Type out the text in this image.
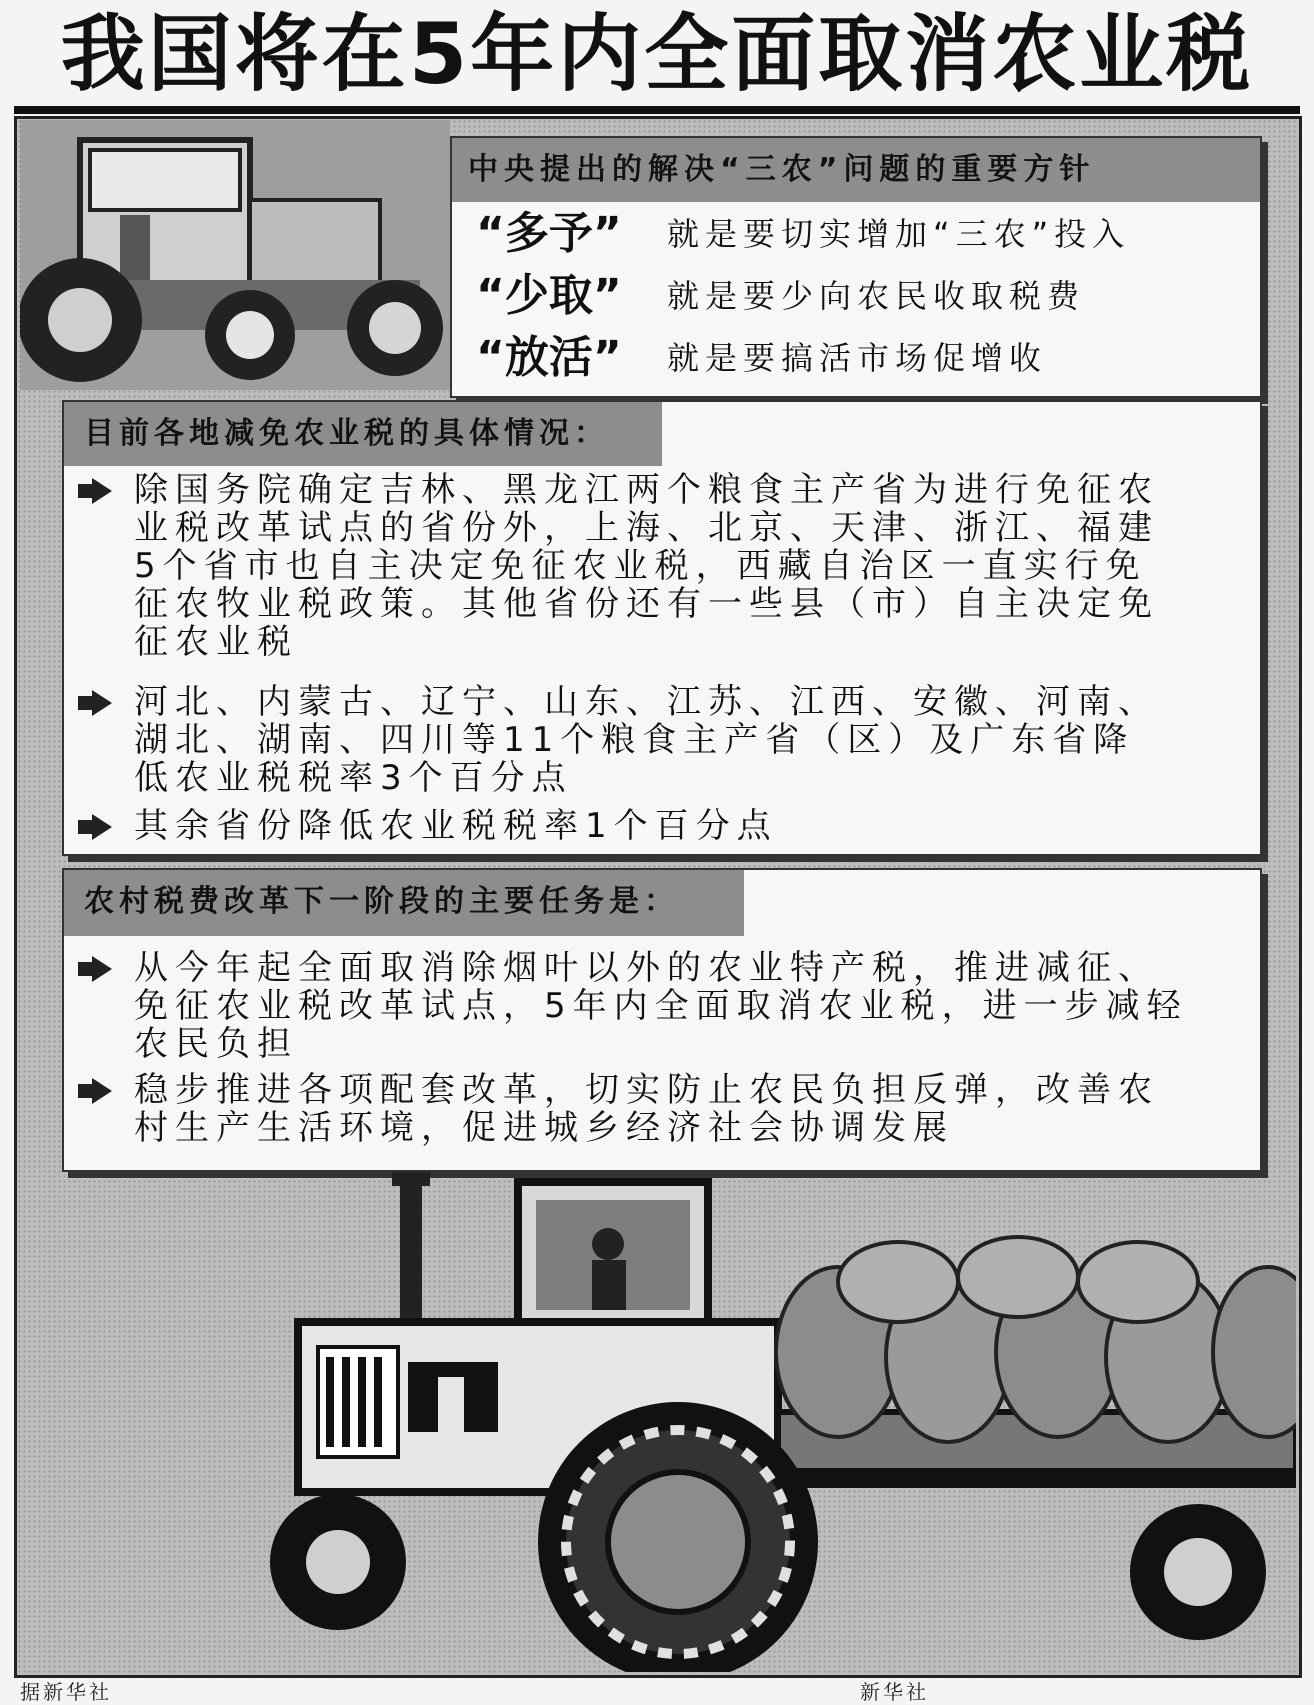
我国将在5年内全面取消农业税
中央提出的解决“三农”问题的重要方针
“多予” 就是要切实增加“三农”投入
“少取” 就是要少向农民收取税费
“放活” 就是要搞活市场促增收
目前各地减免农业税的具体情况：
除国务院确定吉林、黑龙江两个粮食主产省为进行免征农
业税改革试点的省份外，上海、北京、天津、浙江、福建
5个省市也自主决定免征农业税，西藏自治区一直实行免
征农牧业税政策。其他省份还有一些县（市）自主决定免
征农业税
河北、内蒙古、辽宁、山东、江苏、江西、安徽、河南、
湖北、湖南、四川等11个粮食主产省（区）及广东省降
低农业税税率3个百分点
其余省份降低农业税税率1个百分点
农村税费改革下一阶段的主要任务是：
从今年起全面取消除烟叶以外的农业特产税，推进减征、
免征农业税改革试点，5年内全面取消农业税，进一步减轻
农民负担
稳步推进各项配套改革，切实防止农民负担反弹，改善农
村生产生活环境，促进城乡经济社会协调发展
据新华社	新华社
